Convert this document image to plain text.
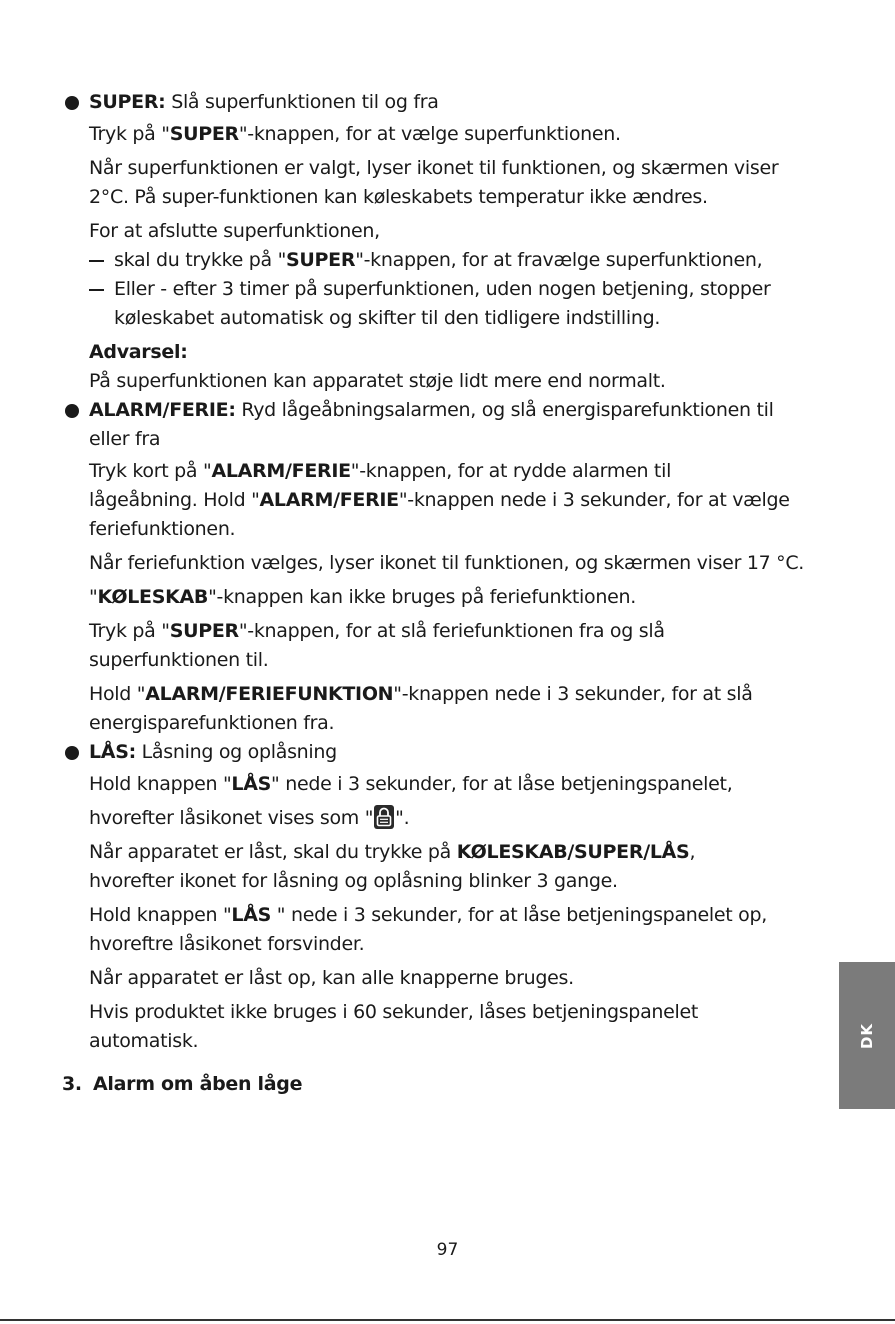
SUPER: Slå superfunktionen til og fra

Tryk på "SUPER"-knappen, for at vælge superfunktionen.

Når superfunktionen er valgt, lyser ikonet til funktionen, og skærmen viser
2°C. På super-funktionen kan køleskabets temperatur ikke ændres.

For at afslutte superfunktionen,

skal du trykke på "SUPER"-knappen, for at fravælge superfunktionen,

Eller - efter 3 timer på superfunktionen, uden nogen betjening, stopper
køleskabet automatisk og skifter til den tidligere indstilling.

Advarsel:

På superfunktionen kan apparatet støje lidt mere end normalt.

ALARM/FERIE: Ryd lågeåbningsalarmen, og slå energisparefunktionen til
eller fra

Tryk kort på "ALARM/FERIE"-knappen, for at rydde alarmen til
lågeåbning. Hold "ALARM/FERIE"-knappen nede i 3 sekunder, for at vælge
feriefunktionen.

Når feriefunktion vælges, lyser ikonet til funktionen, og skærmen viser 17 °C.

"KØLESKAB"-knappen kan ikke bruges på feriefunktionen.

Tryk på "SUPER"-knappen, for at slå feriefunktionen fra og slå
superfunktionen til.

Hold "ALARM/FERIEFUNKTION"-knappen nede i 3 sekunder, for at slå
energisparefunktionen fra.

LÅS: Låsning og oplåsning

Hold knappen "LÅS" nede i 3 sekunder, for at låse betjeningspanelet,

hvorefter låsikonet vises som " ".

Når apparatet er låst, skal du trykke på KØLESKAB/SUPER/LÅS,
hvorefter ikonet for låsning og oplåsning blinker 3 gange.

Hold knappen "LÅS " nede i 3 sekunder, for at låse betjeningspanelet op,
hvoreftre låsikonet forsvinder.

Når apparatet er låst op, kan alle knapperne bruges.

Hvis produktet ikke bruges i 60 sekunder, låses betjeningspanelet
automatisk.

3. Alarm om åben låge

DK
97
